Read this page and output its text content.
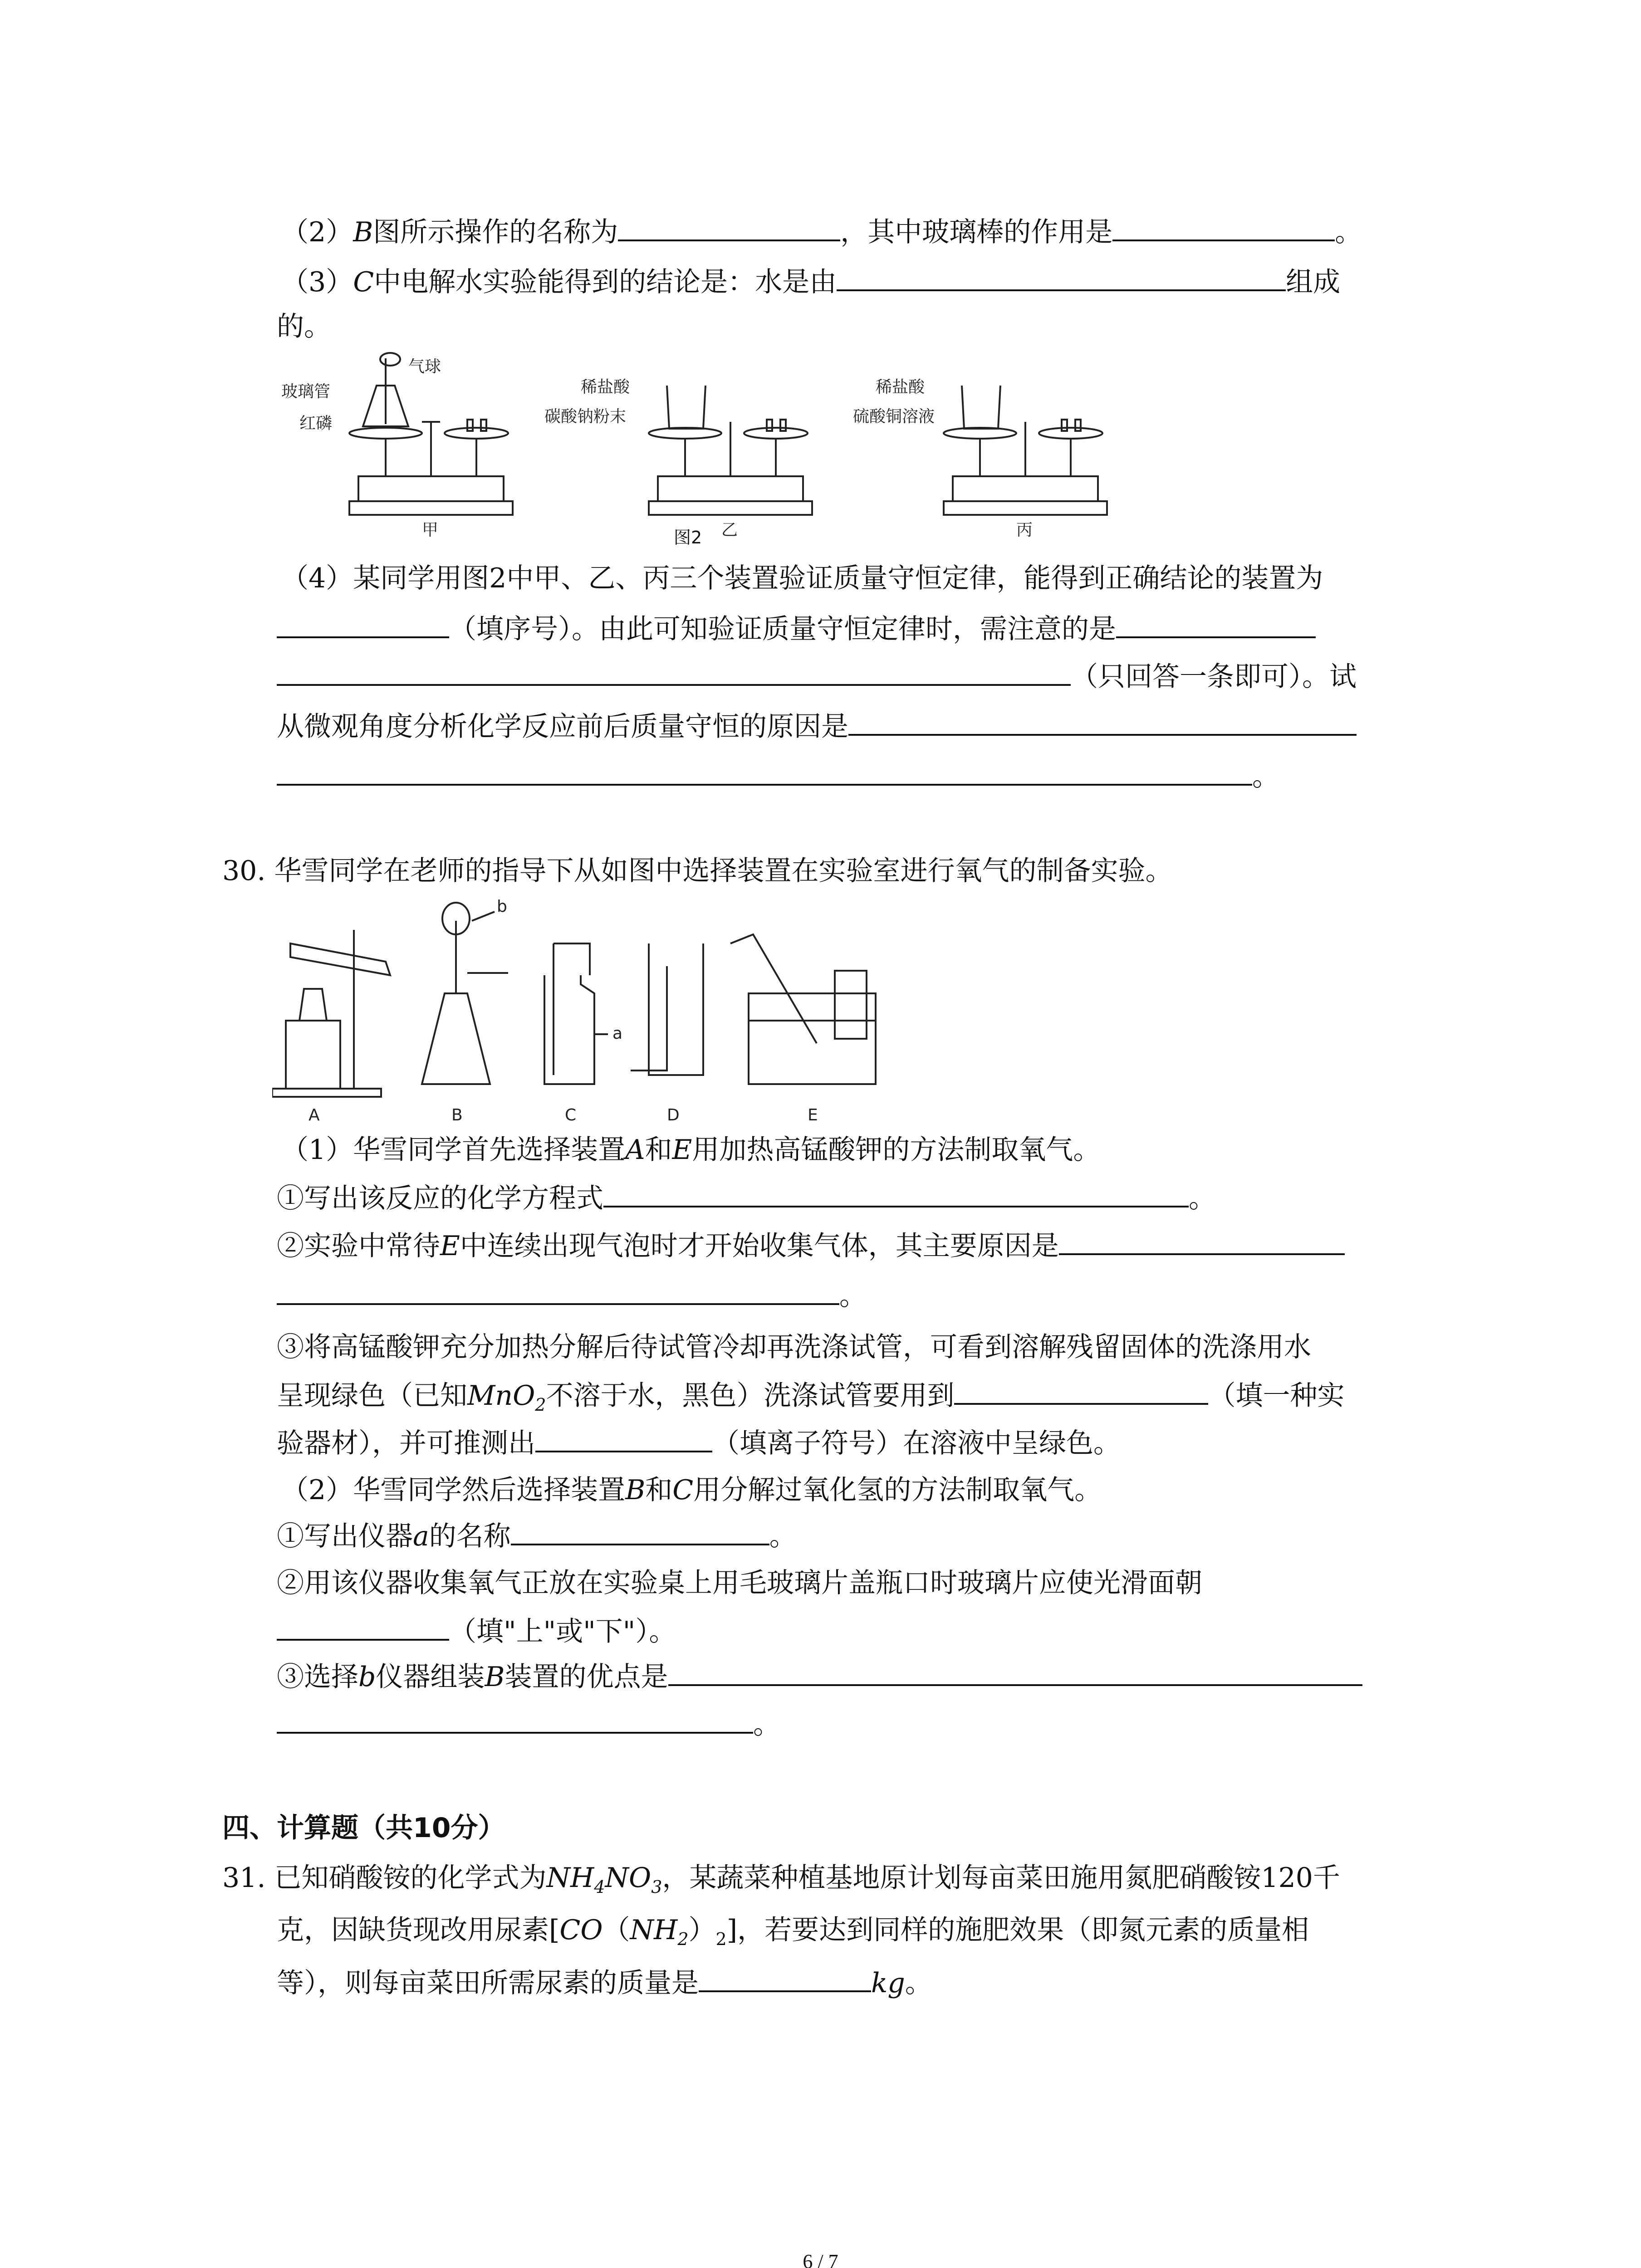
（2）B图所示操作的名称为	，其中玻璃棒的作用是	。
（3）C中电解水实验能得到的结论是：水是由	组成
的。
玻璃管
气球
红磷
稀盐酸
碳酸钠粉末
稀盐酸
硫酸铜溶液
甲	乙	丙
图2
（4）某同学用图2中甲、乙、丙三个装置验证质量守恒定律，能得到正确结论的装置为
（填序号）。由此可知验证质量守恒定律时，需注意的是
（只回答一条即可）。试
从微观角度分析化学反应前后质量守恒的原因是
。
30. 华雪同学在老师的指导下从如图中选择装置在实验室进行氧气的制备实验。
A	B	C	D	E
a
b
（1）华雪同学首先选择装置A和E用加热高锰酸钾的方法制取氧气。
①写出该反应的化学方程式	。
②实验中常待E中连续出现气泡时才开始收集气体，其主要原因是
。
③将高锰酸钾充分加热分解后待试管冷却再洗涤试管，可看到溶解残留固体的洗涤用水
呈现绿色（已知MnO$_2$不溶于水，黑色）洗涤试管要用到	（填一种实
验器材），并可推测出	（填离子符号）在溶液中呈绿色。
（2）华雪同学然后选择装置B和C用分解过氧化氢的方法制取氧气。
①写出仪器a的名称	。
②用该仪器收集氧气正放在实验桌上用毛玻璃片盖瓶口时玻璃片应使光滑面朝
（填"上"或"下"）。
③选择b仪器组装B装置的优点是
。
四、计算题（共10分）
31. 已知硝酸铵的化学式为$NH_4NO_3$，某蔬菜种植基地原计划每亩菜田施用氮肥硝酸铵120千
克，因缺货现改用尿素$[CO(NH_2)_2]$，若要达到同样的施肥效果（即氮元素的质量相
等），则每亩菜田所需尿素的质量是	kg。
6 / 7
